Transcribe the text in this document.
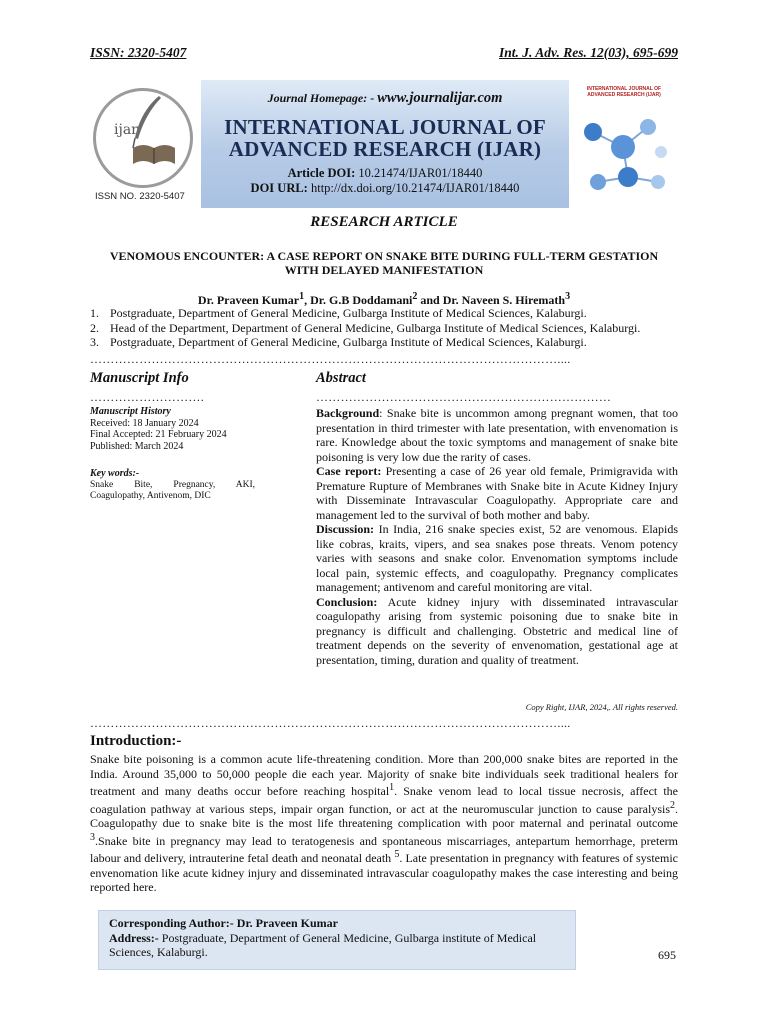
ISSN: 2320-5407	Int. J. Adv. Res. 12(03), 695-699
ijar
ISSN NO. 2320-5407
Journal Homepage: - www.journalijar.com
INTERNATIONAL JOURNAL OF
ADVANCED RESEARCH (IJAR)
Article DOI: 10.21474/IJAR01/18440
DOI URL: http://dx.doi.org/10.21474/IJAR01/18440
INTERNATIONAL JOURNAL OF ADVANCED RESEARCH (IJAR)
RESEARCH ARTICLE
VENOMOUS ENCOUNTER: A CASE REPORT ON SNAKE BITE DURING FULL-TERM GESTATION
WITH DELAYED MANIFESTATION
Dr. Praveen Kumar$^1$, Dr. G.B Doddamani$^2$ and Dr. Naveen S. Hiremath$^3$
1. Postgraduate, Department of General Medicine, Gulbarga Institute of Medical Sciences, Kalaburgi.
2. Head of the Department, Department of General Medicine, Gulbarga Institute of Medical Sciences, Kalaburgi.
3. Postgraduate, Department of General Medicine, Gulbarga Institute of Medical Sciences, Kalaburgi.
……………………………………………………………………………………………………....
Manuscript Info	Abstract
……………………….	………………………………………………………………
Manuscript History
Received: 18 January 2024
Final Accepted: 21 February 2024
Published: March 2024
Key words:-
Snake Bite, Pregnancy, AKI, Coagulopathy, Antivenom, DIC

Background: Snake bite is uncommon among pregnant women, that too presentation in third trimester with late presentation, with envenomation is rare. Knowledge about the toxic symptoms and management of snake bite poisoning is very low due the rarity of cases.

Case report: Presenting a case of 26 year old female, Primigravida with Premature Rupture of Membranes with Snake bite in Acute Kidney Injury with Disseminate Intravascular Coagulopathy. Appropriate care and management led to the survival of both mother and baby.

Discussion: In India, 216 snake species exist, 52 are venomous. Elapids like cobras, kraits, vipers, and sea snakes pose threats. Venom potency varies with seasons and snake color. Envenomation symptoms include local pain, systemic effects, and coagulopathy. Pregnancy complicates management; antivenom and careful monitoring are vital.

Conclusion: Acute kidney injury with disseminated intravascular coagulopathy arising from systemic poisoning due to snake bite in pregnancy is difficult and challenging. Obstetric and medical line of treatment depends on the severity of envenomation, gestational age at presentation, timing, duration and quality of treatment.

Copy Right, IJAR, 2024,. All rights reserved.
……………………………………………………………………………………………………....
Introduction:-
Snake bite poisoning is a common acute life-threatening condition. More than 200,000 snake bites are reported in the India. Around 35,000 to 50,000 people die each year. Majority of snake bite individuals seek traditional healers for treatment and many deaths occur before reaching hospital$^1$. Snake venom lead to local tissue necrosis, affect the coagulation pathway at various steps, impair organ function, or act at the neuromuscular junction to cause paralysis$^2$. Coagulopathy due to snake bite is the most life threatening complication with poor maternal and perinatal outcome $^3$.Snake bite in pregnancy may lead to teratogenesis and spontaneous miscarriages, antepartum hemorrhage, preterm labour and delivery, intrauterine fetal death and neonatal death $^5$. Late presentation in pregnancy with features of systemic envenomation like acute kidney injury and disseminated intravascular coagulopathy makes the case interesting and being reported here.
Corresponding Author:- Dr. Praveen Kumar
Address:- Postgraduate, Department of General Medicine, Gulbarga institute of Medical Sciences, Kalaburgi.	695
